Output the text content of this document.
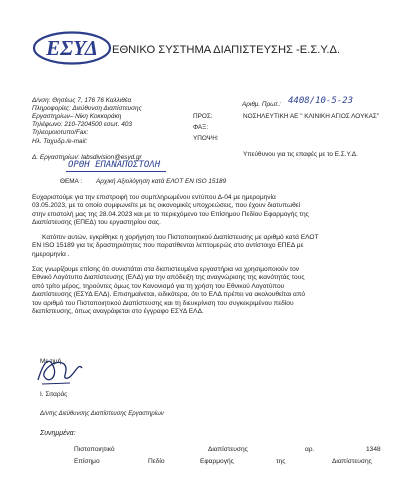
ΕΣΥΔ ΕΘΝΙΚΟ ΣΥΣΤΗΜΑ ΔΙΑΠΙΣΤΕΥΣΗΣ -Ε.Σ.Υ.Δ.
Δ/νση: Θησέως 7, 176 76 Καλλιθέα
Πληροφορίες: Διεύθυνση Διαπίστευσης
Εργαστηρίων– Νίκη Κοκκοράκη
Τηλέφωνο: 210-7204500 εσωτ. 403
Τηλεομοιοτυπο/Fax:
Ηλ. Ταχυδρ./e-mail:
Δ. Εργαστηρίων: labsdivision@esyd.gr
Αριθμ. Πρωτ.: 4408/10-5-23
ΠΡΟΣ:	ΝΟΣΗΛΕΥΤΙΚΗ ΑΕ " ΚΛΙΝΙΚΗ ΑΓΙΟΣ ΛΟΥΚΑΣ"
ΦΑΞ:
ΥΠΟΨΗ:
Υπεύθυνου για τις επαφές με το Ε.Σ.Υ.Δ.
ΟΡΘΗ ΕΠΑΝΑΠΟΣΤΟΛΗ
ΘΕΜΑ : Αρχική Αξιολόγηση κατά ΕΛΟΤ EN ISO 15189
Ευχαριστούμε για την επιστροφή του συμπληρωμένου εντύπου Δ-04 με ημερομηνία
03.05.2023, με το οποίο συμφωνείτε με τις οικονομικές υποχρεώσεις, που έχουν διατυπωθεί
στην επιστολή μας της 28.04.2023 και με το περιεχόμενο του Επίσημου Πεδίου Εφαρμογής της
Διαπίστευσης (ΕΠΕΔ) του εργαστηρίου σας.
Κατόπιν αυτών, εγκρίθηκε η χορήγηση του Πιστοποιητικού Διαπίστευσης με αριθμό κατά ΕΛΟΤ
EN ISO 15189 για τις δραστηριότητες που παρατίθενται λεπτομερώς στο αντίστοιχο ΕΠΕΔ με
ημερομηνία .
Σας γνωρίζουμε επίσης ότι συνιστάται στα διαπιστευμένα εργαστήρια να χρησιμοποιούν τον
Εθνικό Λογότυπο Διαπίστευσης (ΕΛΔ) για την απόδειξη της αναγνώρισης της ικανότητάς τους
από τρίτο μέρος, τηρούντες όμως τον Κανονισμό για τη χρήση του Εθνικού Λογοτύπου
Διαπίστευσης (ΕΣΥΔ ΕΛΔ). Επισημαίνεται, ειδικότερα, ότι το ΕΛΔ πρέπει να ακολουθείται από
τον αριθμό του Πιστοποιητικού Διαπίστευσης και τη διευκρίνιση του συγκεκριμένου πεδίου
διαπίστευσης, όπως αναγράφεται στο έγγραφο ΕΣΥΔ ΕΛΔ.
Με τιμή
Ι. Σιταράς
Δ/ντης Διεύθυνσης Διαπίστευσης Εργαστηρίων
Συνημμένα:
Πιστοποιητικό	Διαπίστευσης	αρ.	1348
Επίσημο	Πεδίο	Εφαρμογής	της	Διαπίστευσης
